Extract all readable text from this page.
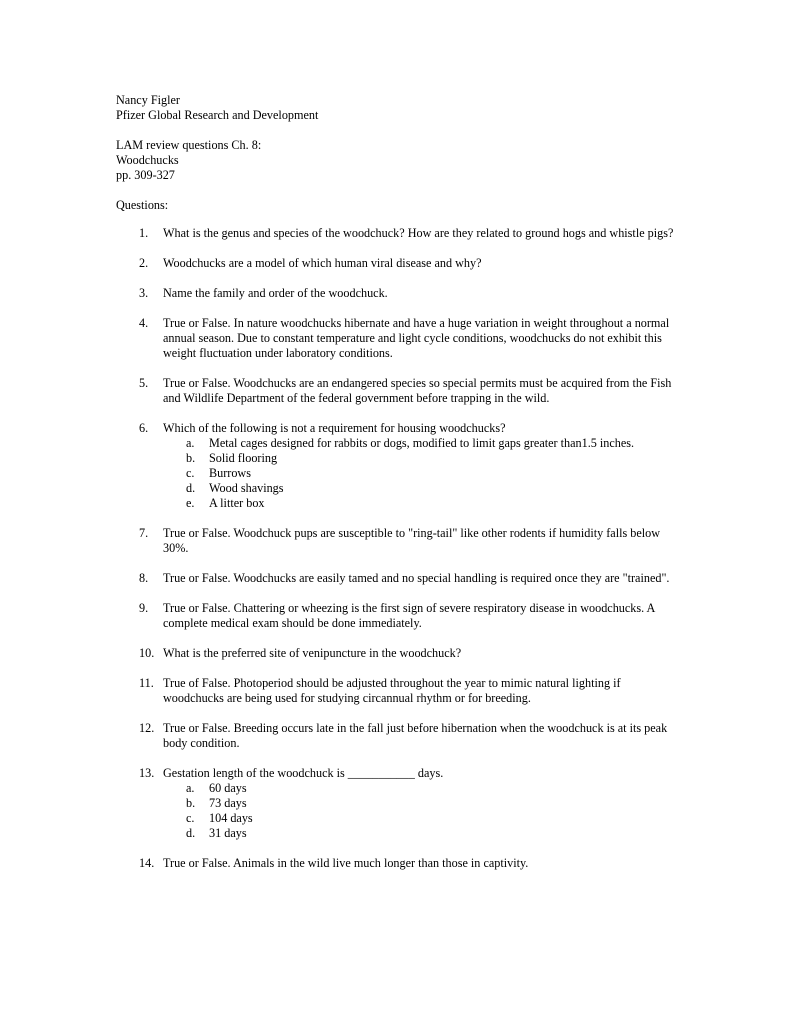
Nancy Figler
Pfizer Global Research and Development
LAM review questions Ch. 8:
Woodchucks
pp. 309-327
Questions:
1. What is the genus and species of the woodchuck? How are they related to ground hogs and whistle pigs?
2. Woodchucks are a model of which human viral disease and why?
3. Name the family and order of the woodchuck.
4. True or False. In nature woodchucks hibernate and have a huge variation in weight throughout a normal annual season. Due to constant temperature and light cycle conditions, woodchucks do not exhibit this weight fluctuation under laboratory conditions.
5. True or False. Woodchucks are an endangered species so special permits must be acquired from the Fish and Wildlife Department of the federal government before trapping in the wild.
6. Which of the following is not a requirement for housing woodchucks?
a. Metal cages designed for rabbits or dogs, modified to limit gaps greater than1.5 inches.
b. Solid flooring
c. Burrows
d. Wood shavings
e. A litter box
7. True or False. Woodchuck pups are susceptible to "ring-tail" like other rodents if humidity falls below 30%.
8. True or False. Woodchucks are easily tamed and no special handling is required once they are "trained".
9. True or False. Chattering or wheezing is the first sign of severe respiratory disease in woodchucks. A complete medical exam should be done immediately.
10. What is the preferred site of venipuncture in the woodchuck?
11. True of False. Photoperiod should be adjusted throughout the year to mimic natural lighting if woodchucks are being used for studying circannual rhythm or for breeding.
12. True or False. Breeding occurs late in the fall just before hibernation when the woodchuck is at its peak body condition.
13. Gestation length of the woodchuck is ___________ days.
a. 60 days
b. 73 days
c. 104 days
d. 31 days
14. True or False. Animals in the wild live much longer than those in captivity.
